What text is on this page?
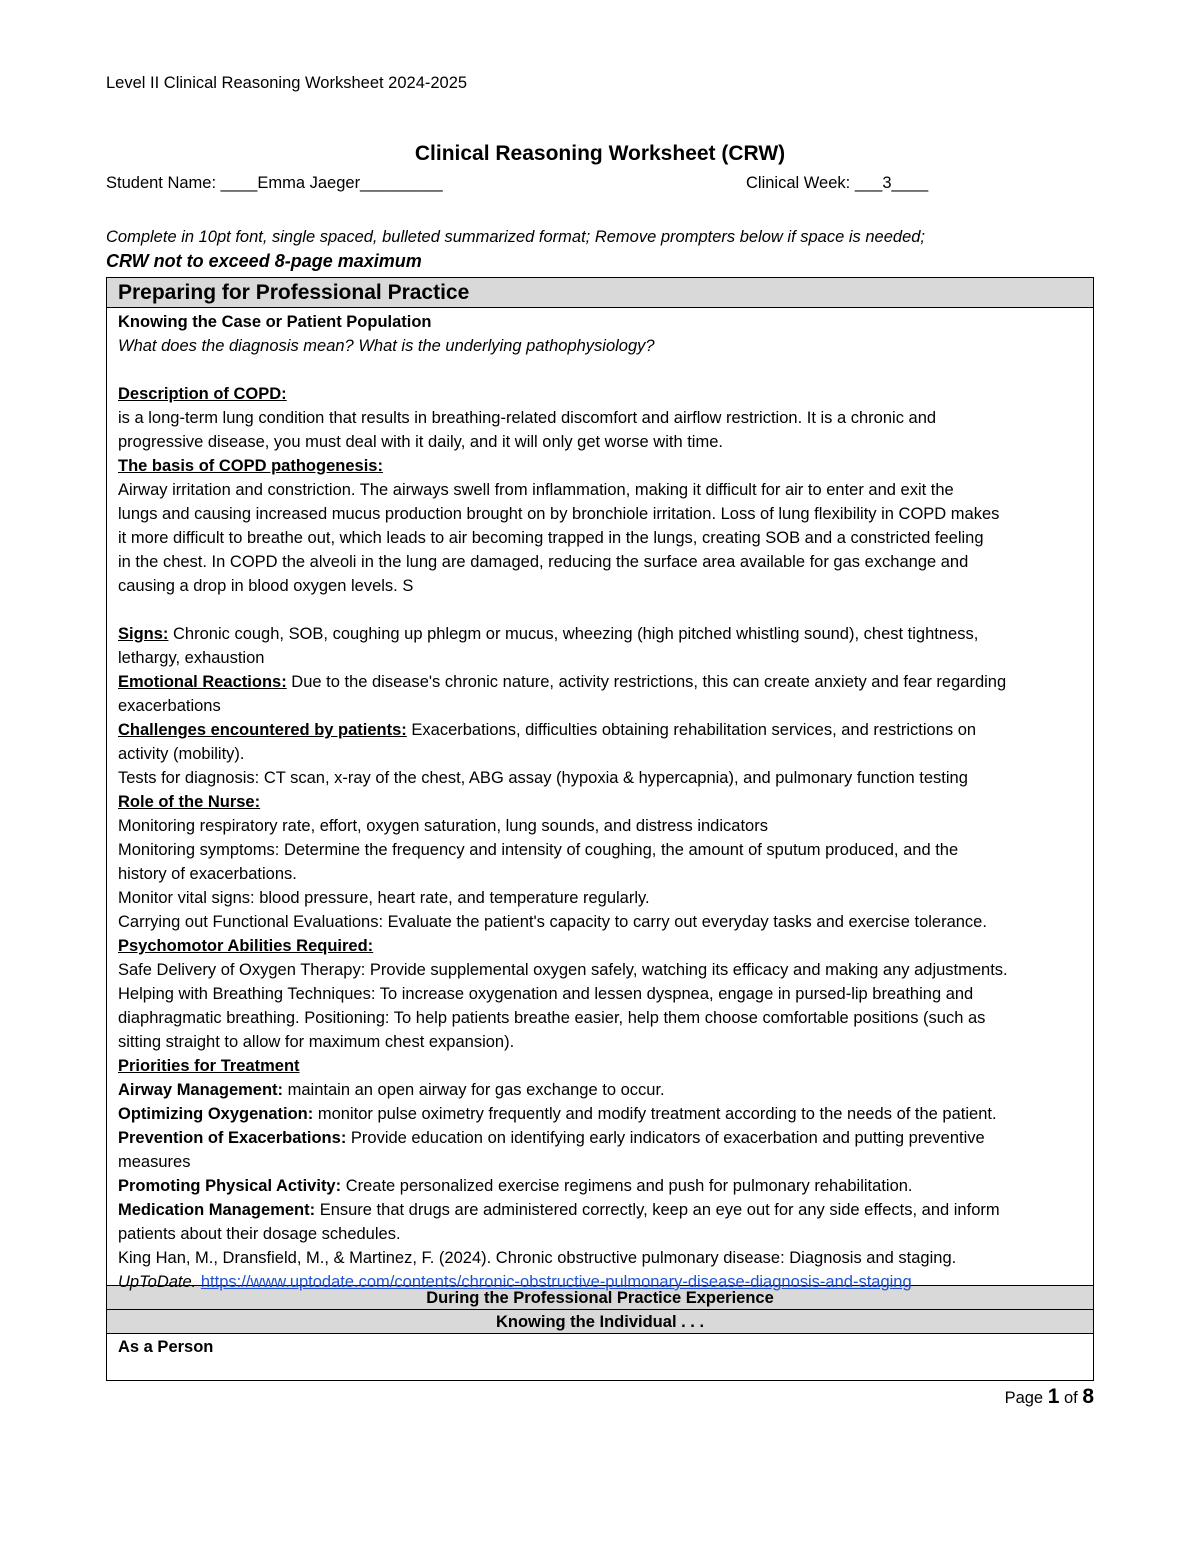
Level II Clinical Reasoning Worksheet 2024-2025
Clinical Reasoning Worksheet (CRW)
Student Name: ____Emma Jaeger_________	Clinical Week: ___3____
Complete in 10pt font, single spaced, bulleted summarized format; Remove prompters below if space is needed;
CRW not to exceed 8-page maximum
Preparing for Professional Practice

Knowing the Case or Patient Population

What does the diagnosis mean? What is the underlying pathophysiology?

Description of COPD:

is a long-term lung condition that results in breathing-related discomfort and airflow restriction. It is a chronic and

progressive disease, you must deal with it daily, and it will only get worse with time.

The basis of COPD pathogenesis:

Airway irritation and constriction. The airways swell from inflammation, making it difficult for air to enter and exit the

lungs and causing increased mucus production brought on by bronchiole irritation. Loss of lung flexibility in COPD makes

it more difficult to breathe out, which leads to air becoming trapped in the lungs, creating SOB and a constricted feeling

in the chest. In COPD the alveoli in the lung are damaged, reducing the surface area available for gas exchange and

causing a drop in blood oxygen levels. S

Signs: Chronic cough, SOB, coughing up phlegm or mucus, wheezing (high pitched whistling sound), chest tightness,

lethargy, exhaustion

Emotional Reactions: Due to the disease's chronic nature, activity restrictions, this can create anxiety and fear regarding

exacerbations

Challenges encountered by patients: Exacerbations, difficulties obtaining rehabilitation services, and restrictions on

activity (mobility).

Tests for diagnosis: CT scan, x-ray of the chest, ABG assay (hypoxia & hypercapnia), and pulmonary function testing

Role of the Nurse:

Monitoring respiratory rate, effort, oxygen saturation, lung sounds, and distress indicators

Monitoring symptoms: Determine the frequency and intensity of coughing, the amount of sputum produced, and the

history of exacerbations.

Monitor vital signs: blood pressure, heart rate, and temperature regularly.

Carrying out Functional Evaluations: Evaluate the patient's capacity to carry out everyday tasks and exercise tolerance.

Psychomotor Abilities Required:

Safe Delivery of Oxygen Therapy: Provide supplemental oxygen safely, watching its efficacy and making any adjustments.

Helping with Breathing Techniques: To increase oxygenation and lessen dyspnea, engage in pursed-lip breathing and

diaphragmatic breathing. Positioning: To help patients breathe easier, help them choose comfortable positions (such as

sitting straight to allow for maximum chest expansion).

Priorities for Treatment

Airway Management: maintain an open airway for gas exchange to occur.

Optimizing Oxygenation: monitor pulse oximetry frequently and modify treatment according to the needs of the patient.

Prevention of Exacerbations: Provide education on identifying early indicators of exacerbation and putting preventive

measures

Promoting Physical Activity: Create personalized exercise regimens and push for pulmonary rehabilitation.

Medication Management: Ensure that drugs are administered correctly, keep an eye out for any side effects, and inform

patients about their dosage schedules.

King Han, M., Dransfield, M., & Martinez, F. (2024). Chronic obstructive pulmonary disease: Diagnosis and staging.

UpToDate. https://www.uptodate.com/contents/chronic-obstructive-pulmonary-disease-diagnosis-and-staging

During the Professional Practice Experience
Knowing the Individual . . .
As a Person
Page 1 of 8
